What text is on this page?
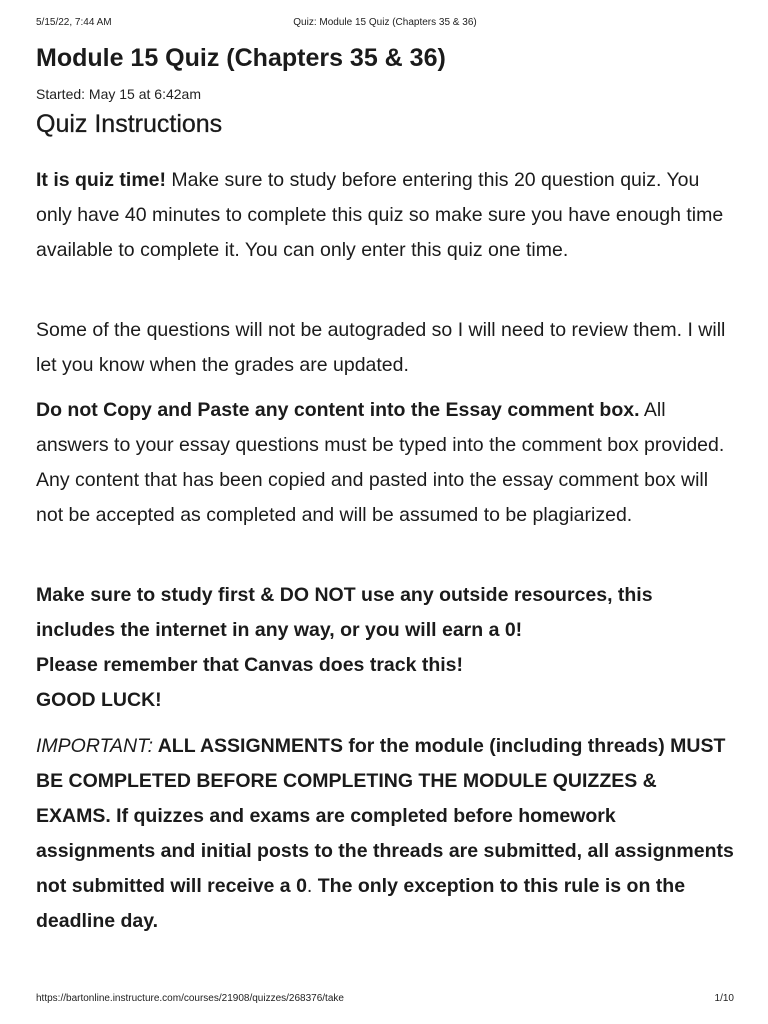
5/15/22, 7:44 AM	Quiz: Module 15 Quiz (Chapters 35 & 36)
Module 15 Quiz (Chapters 35 & 36)
Started: May 15 at 6:42am
Quiz Instructions

It is quiz time! Make sure to study before entering this 20 question quiz. You only have 40 minutes to complete this quiz so make sure you have enough time available to complete it. You can only enter this quiz one time.

Some of the questions will not be autograded so I will need to review them. I will let you know when the grades are updated.

Do not Copy and Paste any content into the Essay comment box. All answers to your essay questions must be typed into the comment box provided. Any content that has been copied and pasted into the essay comment box will not be accepted as completed and will be assumed to be plagiarized.

Make sure to study first & DO NOT use any outside resources, this includes the internet in any way, or you will earn a 0!
Please remember that Canvas does track this!
GOOD LUCK!

IMPORTANT: ALL ASSIGNMENTS for the module (including threads) MUST BE COMPLETED BEFORE COMPLETING THE MODULE QUIZZES & EXAMS. If quizzes and exams are completed before homework assignments and initial posts to the threads are submitted, all assignments not submitted will receive a 0. The only exception to this rule is on the deadline day.

https://bartonline.instructure.com/courses/21908/quizzes/268376/take	1/10
